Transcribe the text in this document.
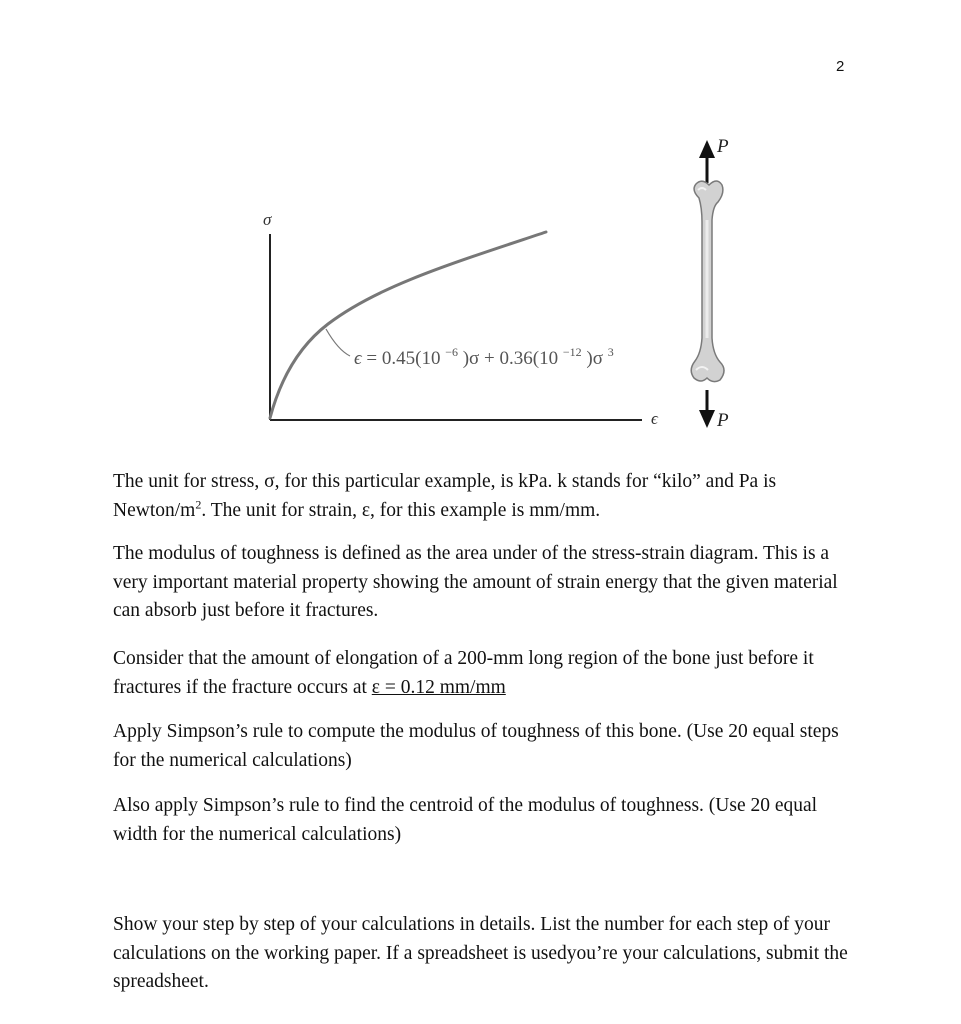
2
σ
ϵ
ϵ = 0.45(10 $^{-6}$ )σ + 0.36(10 $^{-12}$ )σ $^3$
P
P

The unit for stress, σ, for this particular example, is kPa. k stands for “kilo” and Pa is Newton/$m^2$. The unit for strain, ε, for this example is mm/mm.

The modulus of toughness is defined as the area under of the stress-strain diagram. This is a very important material property showing the amount of strain energy that the given material can absorb just before it fractures.

Consider that the amount of elongation of a 200-mm long region of the bone just before it fractures if the fracture occurs at ε = 0.12 mm/mm

Apply Simpson’s rule to compute the modulus of toughness of this bone. (Use 20 equal steps for the numerical calculations)

Also apply Simpson’s rule to find the centroid of the modulus of toughness. (Use 20 equal width for the numerical calculations)

Show your step by step of your calculations in details. List the number for each step of your calculations on the working paper. If a spreadsheet is usedyou’re your calculations, submit the spreadsheet.
